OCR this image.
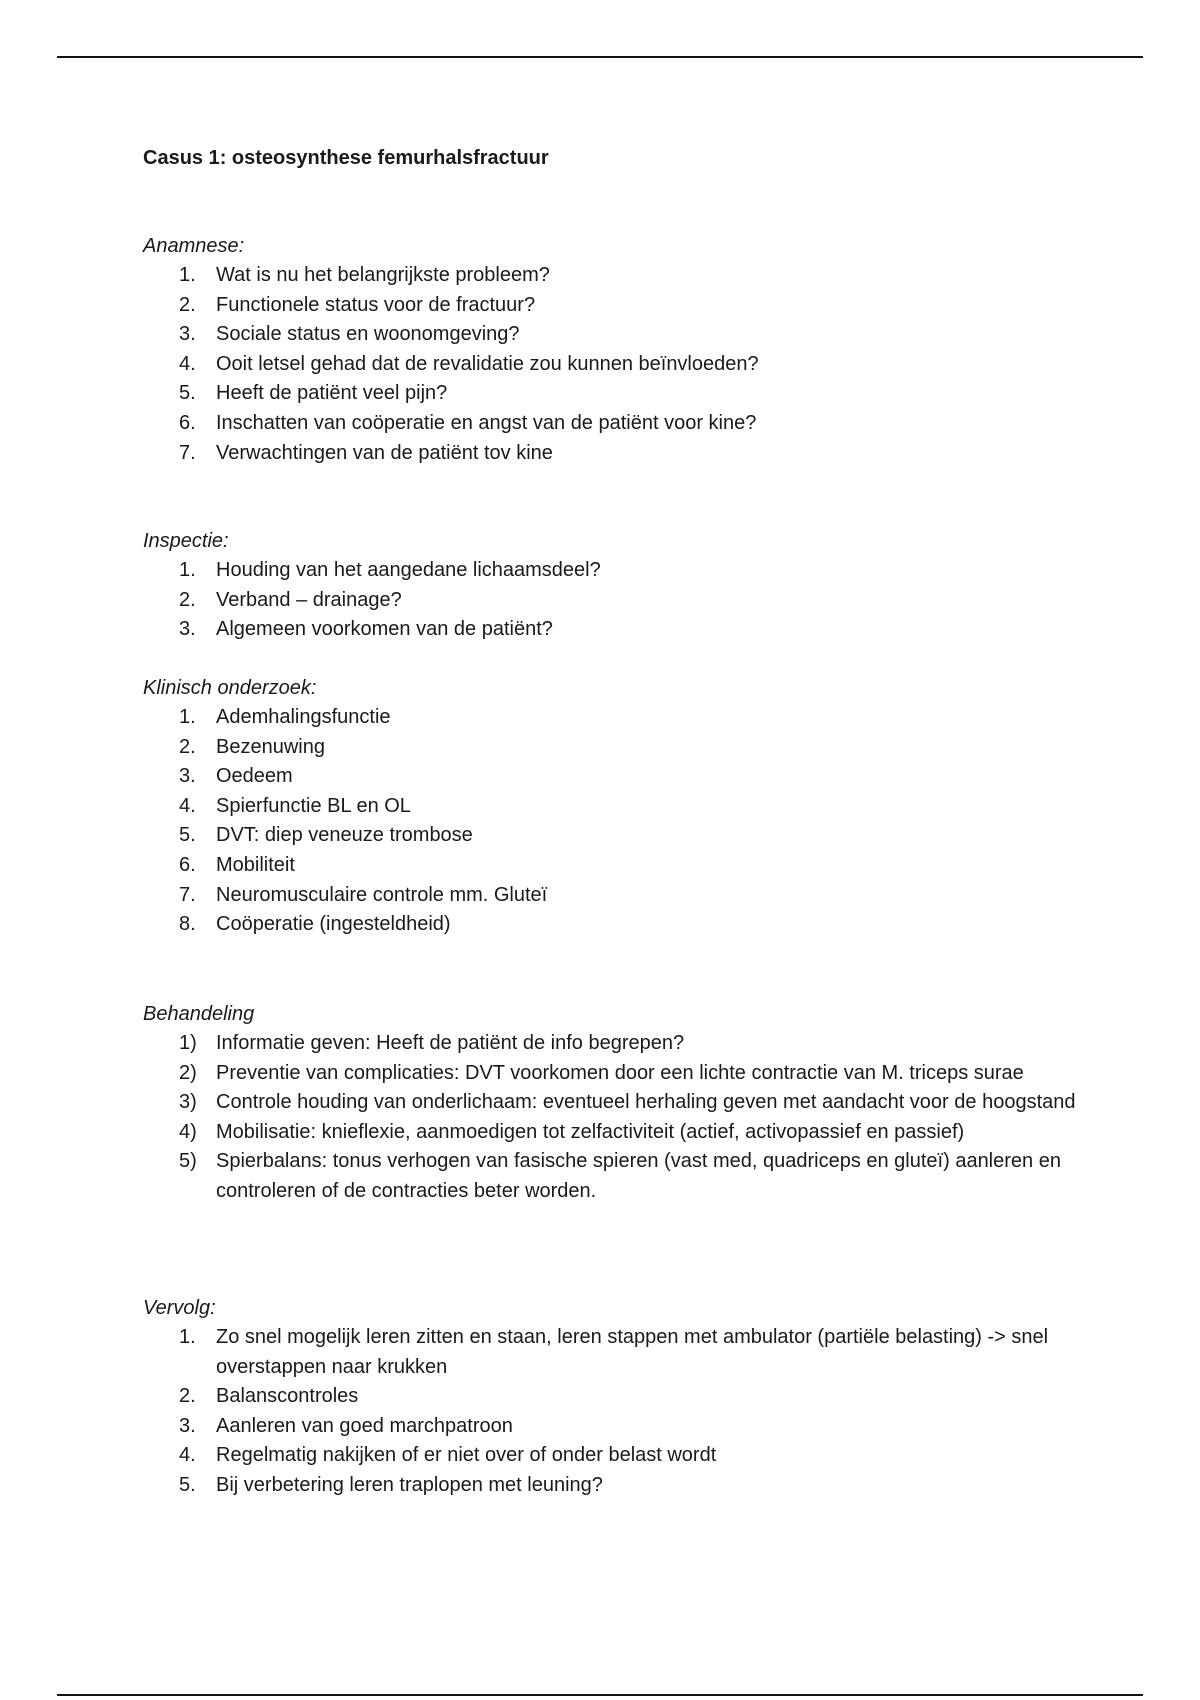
Casus 1: osteosynthese femurhalsfractuur
Anamnese:
1.	Wat is nu het belangrijkste probleem?
2.	Functionele status voor de fractuur?
3.	Sociale status en woonomgeving?
4.	Ooit letsel gehad dat de revalidatie zou kunnen beïnvloeden?
5.	Heeft de patiënt veel pijn?
6.	Inschatten van coöperatie en angst van de patiënt voor kine?
7.	Verwachtingen van de patiënt tov kine
Inspectie:
1.	Houding van het aangedane lichaamsdeel?
2.	Verband – drainage?
3.	Algemeen voorkomen van de patiënt?
Klinisch onderzoek:
1.	Ademhalingsfunctie
2.	Bezenuwing
3.	Oedeem
4.	Spierfunctie BL en OL
5.	DVT: diep veneuze trombose
6.	Mobiliteit
7.	Neuromusculaire controle mm. Gluteï
8.	Coöperatie (ingesteldheid)
Behandeling
1) Informatie geven: Heeft de patiënt de info begrepen?
2) Preventie van complicaties: DVT voorkomen door een lichte contractie van M. triceps surae
3) Controle houding van onderlichaam: eventueel herhaling geven met aandacht voor de hoogstand
4) Mobilisatie: knieflexie, aanmoedigen tot zelfactiviteit (actief, activopassief en passief)
5) Spierbalans: tonus verhogen van fasische spieren (vast med, quadriceps en gluteï) aanleren en controleren of de contracties beter worden.
Vervolg:
1.	Zo snel mogelijk leren zitten en staan, leren stappen met ambulator (partiële belasting) -> snel overstappen naar krukken
2.	Balanscontroles
3.	Aanleren van goed marchpatroon
4.	Regelmatig nakijken of er niet over of onder belast wordt
5.	Bij verbetering leren traplopen met leuning?
